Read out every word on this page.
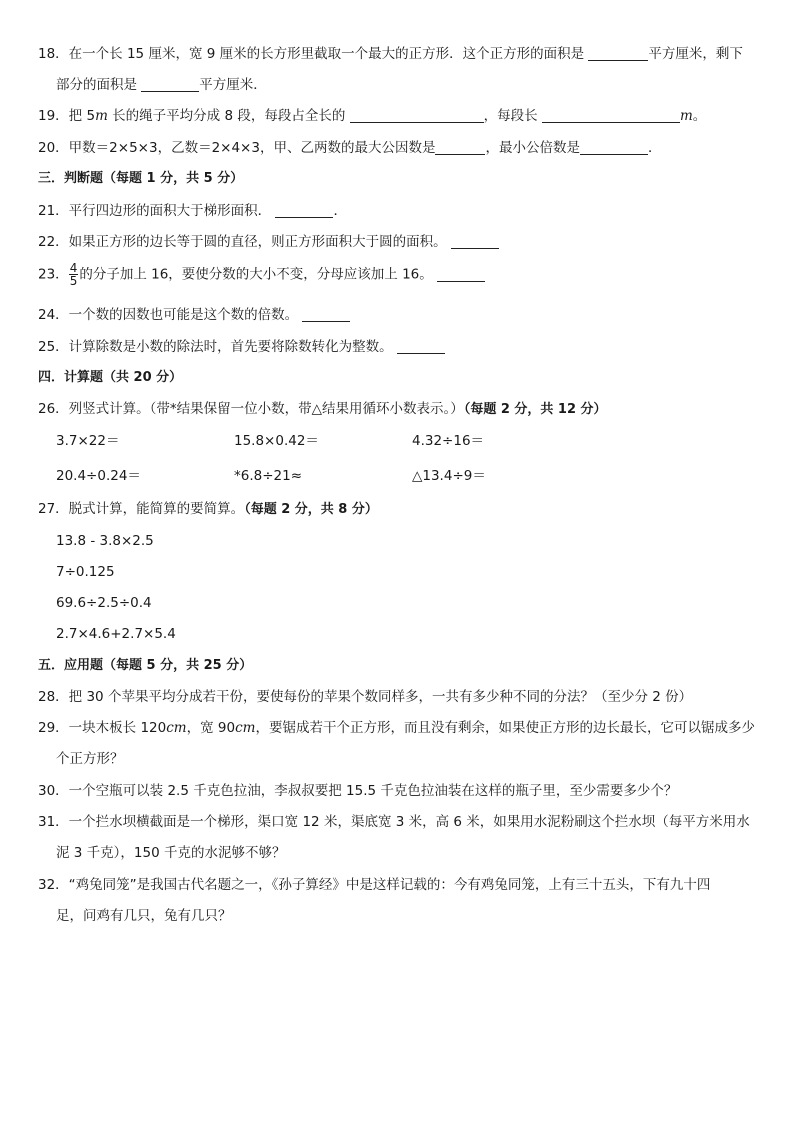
18．在一个长 15 厘米，宽 9 厘米的长方形里截取一个最大的正方形．这个正方形的面积是	平方厘米，剩下
部分的面积是	平方厘米．
19．把 5m 长的绳子平均分成 8 段，每段占全长的	，每段长	m。
20．甲数＝2×5×3，乙数＝2×4×3，甲、乙两数的最大公因数是	，最小公倍数是	．
三．判断题（每题 1 分，共 5 分）
21．平行四边形的面积大于梯形面积．	．
22．如果正方形的边长等于圆的直径，则正方形面积大于圆的面积。
23． $\frac{4}{5}$ 的分子加上 16，要使分数的大小不变，分母应该加上 16。
24．一个数的因数也可能是这个数的倍数。
25．计算除数是小数的除法时，首先要将除数转化为整数。
四．计算题（共 20 分）
26．列竖式计算。（带*结果保留一位小数，带△结果用循环小数表示。）（每题 2 分，共 12 分）
3.7×22＝	15.8×0.42＝	4.32÷16＝
20.4÷0.24＝	*6.8÷21≈	△13.4÷9＝
27．脱式计算，能简算的要简算。（每题 2 分，共 8 分）
13.8 - 3.8×2.5
7÷0.125
69.6÷2.5÷0.4
2.7×4.6+2.7×5.4
五．应用题（每题 5 分，共 25 分）
28．把 30 个苹果平均分成若干份，要使每份的苹果个数同样多，一共有多少种不同的分法？（至少分 2 份）
29．一块木板长 120cm，宽 90cm，要锯成若干个正方形，而且没有剩余，如果使正方形的边长最长，它可以锯成多少
个正方形？
30．一个空瓶可以装 2.5 千克色拉油，李叔叔要把 15.5 千克色拉油装在这样的瓶子里，至少需要多少个？
31．一个拦水坝横截面是一个梯形，渠口宽 12 米，渠底宽 3 米，高 6 米，如果用水泥粉刷这个拦水坝（每平方米用水
泥 3 千克），150 千克的水泥够不够？
32．“鸡兔同笼”是我国古代名题之一，《孙子算经》中是这样记载的：今有鸡兔同笼，上有三十五头，下有九十四
足，问鸡有几只，兔有几只？
